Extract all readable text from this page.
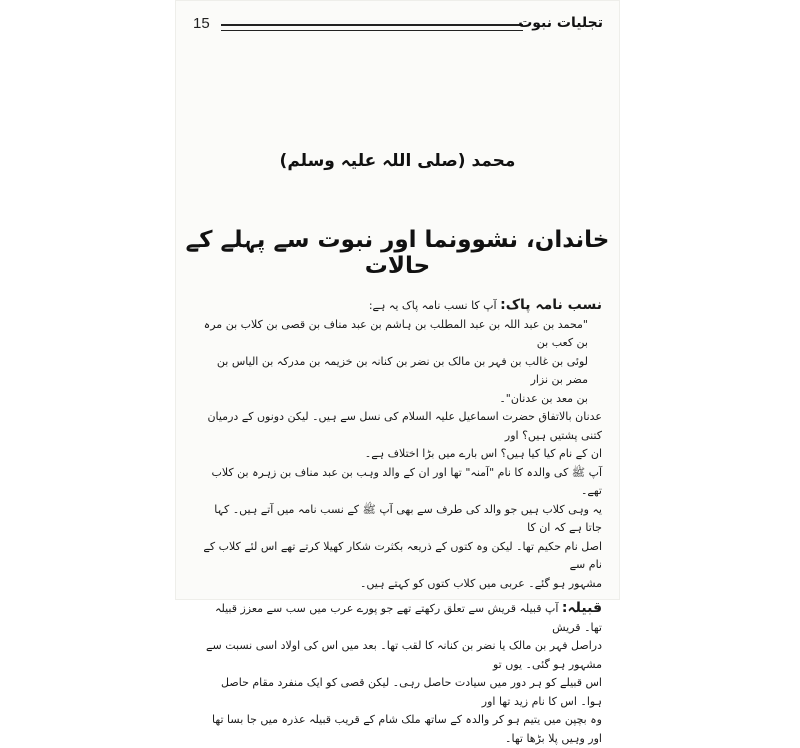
15	تجلیات نبوت
محمد (صلی اللہ علیہ وسلم)
خاندان، نشوونما اور نبوت سے پہلے کے حالات

نسب نامہ پاک: آپ کا نسب نامہ پاک یہ ہے:

"محمد بن عبد اللہ بن عبد المطلب بن ہاشم بن عبد مناف بن قصی بن کلاب بن مرہ بن کعب بن

لوئی بن غالب بن فہر بن مالک بن نضر بن کنانہ بن خزیمہ بن مدرکہ بن الیاس بن مضر بن نزار

بن معد بن عدنان"۔

عدنان بالاتفاق حضرت اسماعیل علیہ السلام کی نسل سے ہیں۔ لیکن دونوں کے درمیان کتنی پشتیں ہیں؟ اور

ان کے نام کیا کیا ہیں؟ اس بارے میں بڑا اختلاف ہے۔

آپ ﷺ کی والدہ کا نام "آمنہ" تھا اور ان کے والد وہب بن عبد مناف بن زہرہ بن کلاب تھے۔

یہ وہی کلاب ہیں جو والد کی طرف سے بھی آپ ﷺ کے نسب نامہ میں آتے ہیں۔ کہا جاتا ہے کہ ان کا

اصل نام حکیم تھا۔ لیکن وہ کتوں کے ذریعہ بکثرت شکار کھیلا کرتے تھے اس لئے کلاب کے نام سے

مشہور ہو گئے۔ عربی میں کلاب کتوں کو کہتے ہیں۔

قبیلہ: آپ قبیلہ قریش سے تعلق رکھتے تھے جو پورے عرب میں سب سے معزز قبیلہ تھا۔ قریش

دراصل فہر بن مالک یا نضر بن کنانہ کا لقب تھا۔ بعد میں اس کی اولاد اسی نسبت سے مشہور ہو گئی۔ یوں تو

اس قبیلے کو ہر دور میں سیادت حاصل رہی۔ لیکن قصی کو ایک منفرد مقام حاصل ہوا۔ اس کا نام زید تھا اور

وہ بچپن میں یتیم ہو کر والدہ کے ساتھ ملک شام کے قریب قبیلہ عذرہ میں جا بسا تھا اور وہیں پلا بڑھا تھا۔
